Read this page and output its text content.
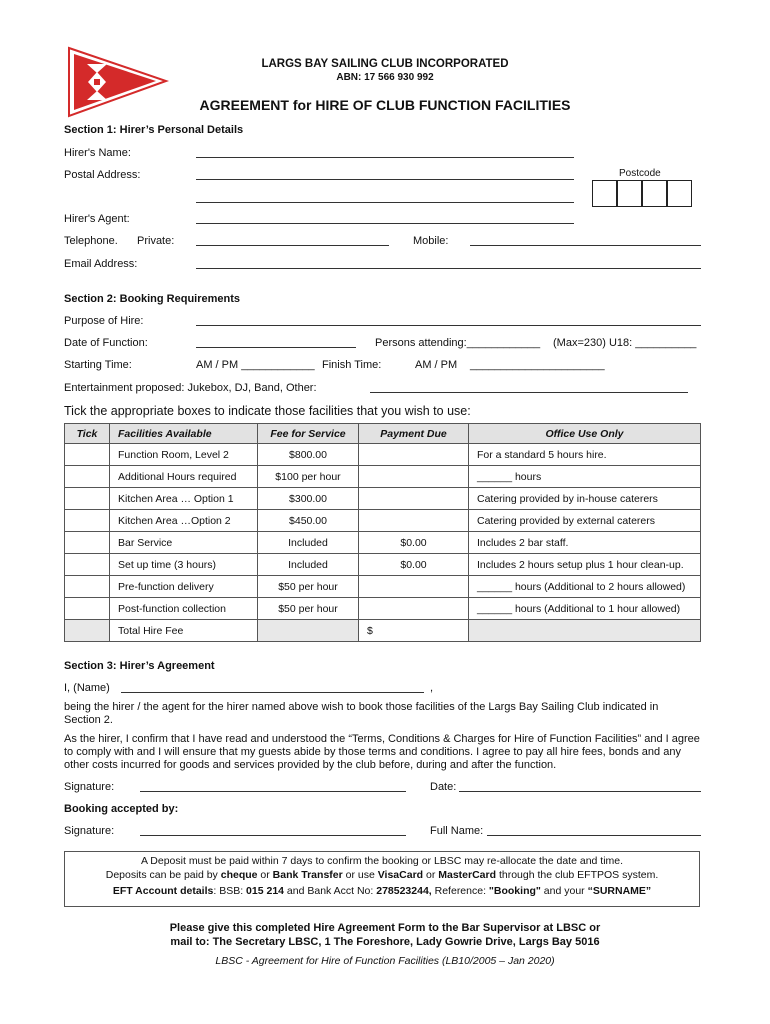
LARGS BAY SAILING CLUB INCORPORATED
ABN: 17 566 930 992
AGREEMENT for HIRE OF CLUB FUNCTION FACILITIES
Section 1: Hirer’s Personal Details
Hirer's Name:
Postal Address:	Postcode
Hirer's Agent:
Telephone. Private:	Mobile:
Email Address:
Section 2: Booking Requirements
Purpose of Hire:
Date of Function:	Persons attending:____________ (Max=230) U18: __________
Starting Time:	AM / PM ____________ Finish Time:	AM / PM ______________________
Entertainment proposed: Jukebox, DJ, Band, Other:
Tick the appropriate boxes to indicate those facilities that you wish to use:
Tick	Facilities Available	Fee for Service	Payment Due	Office Use Only
	Function Room, Level 2	$800.00		For a standard 5 hours hire.
	Additional Hours required	$100 per hour		______ hours
	Kitchen Area … Option 1	$300.00		Catering provided by in-house caterers
	Kitchen Area …Option 2	$450.00		Catering provided by external caterers
	Bar Service	Included	$0.00	Includes 2 bar staff.
	Set up time (3 hours)	Included	$0.00	Includes 2 hours setup plus 1 hour clean-up.
	Pre-function delivery	$50 per hour		______ hours (Additional to 2 hours allowed)
	Post-function collection	$50 per hour		______ hours (Additional to 1 hour allowed)
	Total Hire Fee		$	
Section 3: Hirer’s Agreement
I, (Name)	,
being the hirer / the agent for the hirer named above wish to book those facilities of the Largs Bay Sailing Club indicated in Section 2.
As the hirer, I confirm that I have read and understood the “Terms, Conditions & Charges for Hire of Function Facilities” and I agree to comply with and I will ensure that my guests abide by those terms and conditions. I agree to pay all hire fees, bonds and any other costs incurred for goods and services provided by the club before, during and after the function.
Signature:	Date:
Booking accepted by:
Signature:	Full Name:
A Deposit must be paid within 7 days to confirm the booking or LBSC may re-allocate the date and time.
Deposits can be paid by cheque or Bank Transfer or use VisaCard or MasterCard through the club EFTPOS system.
EFT Account details: BSB: 015 214 and Bank Acct No: 278523244, Reference: "Booking" and your “SURNAME”
Please give this completed Hire Agreement Form to the Bar Supervisor at LBSC or
mail to: The Secretary LBSC, 1 The Foreshore, Lady Gowrie Drive, Largs Bay 5016
LBSC - Agreement for Hire of Function Facilities (LB10/2005 – Jan 2020)
